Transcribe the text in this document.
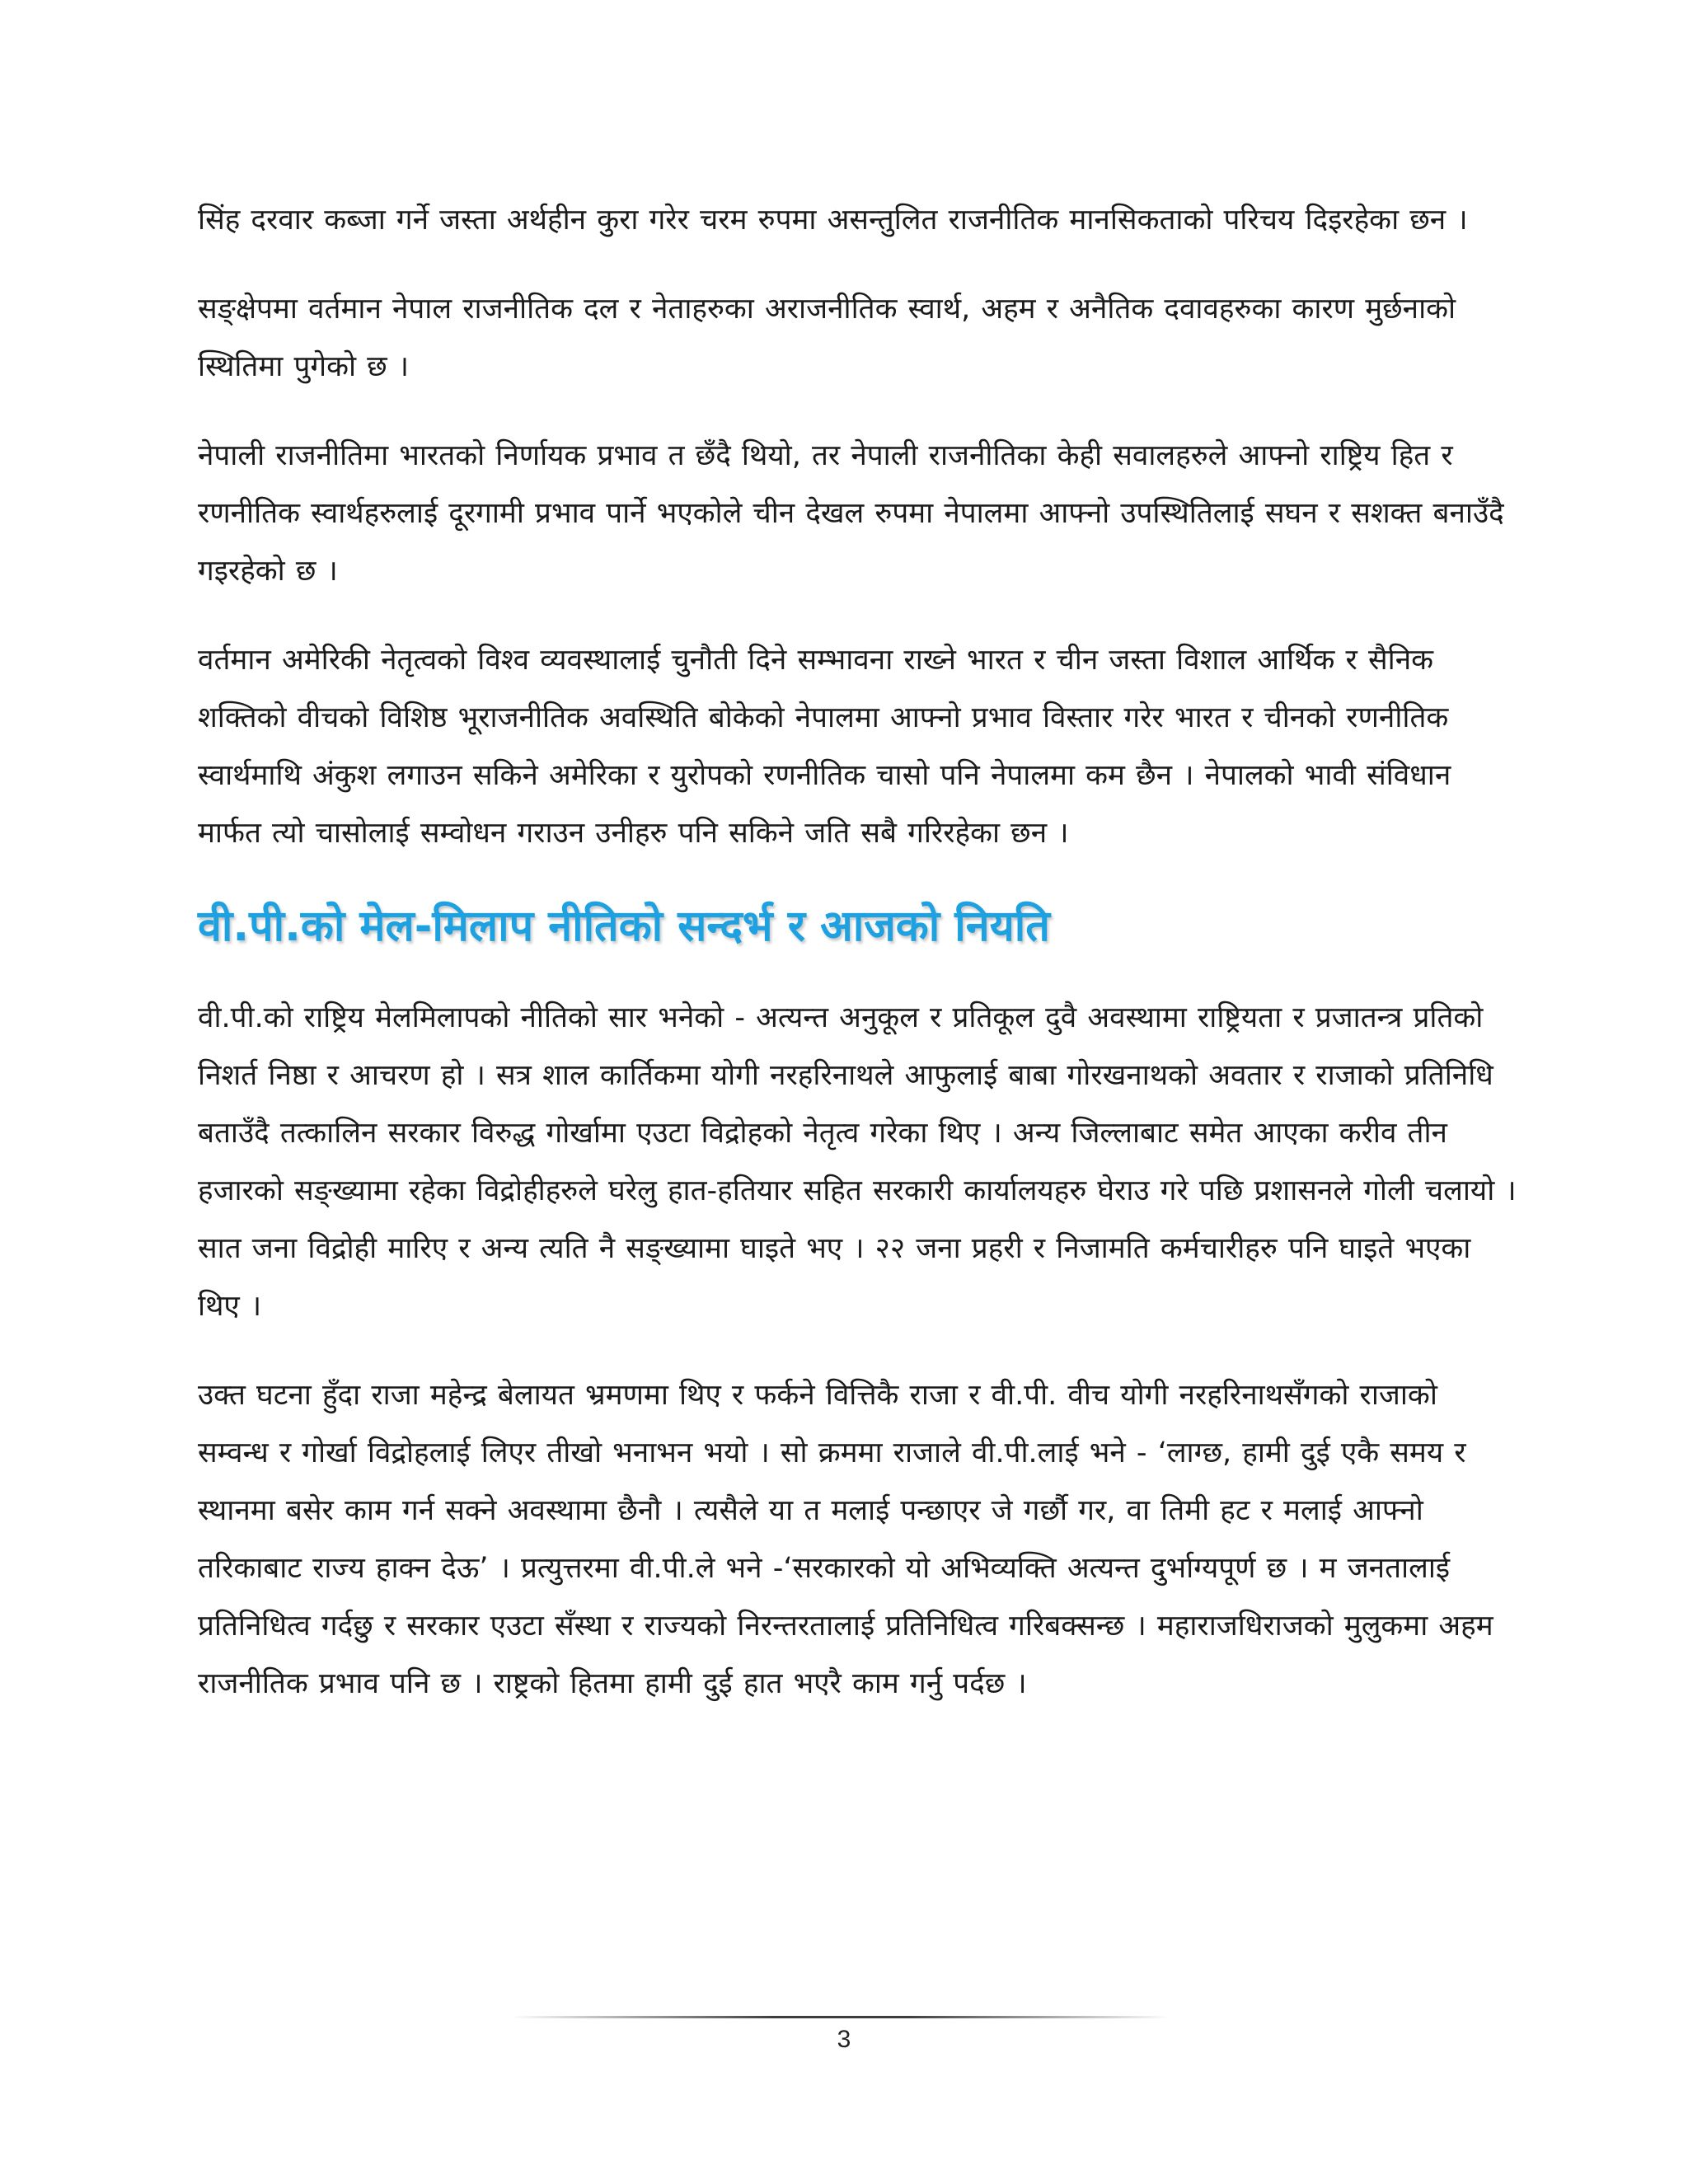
सिंह दरवार कब्जा गर्ने जस्ता अर्थहीन कुरा गरेर चरम रुपमा असन्तुलित राजनीतिक मानसिकताको परिचय दिइरहेका छन ।

सङ्क्षेपमा वर्तमान नेपाल राजनीतिक दल र नेताहरुका अराजनीतिक स्वार्थ, अहम र अनैतिक दवावहरुका कारण मुर्छनाको स्थितिमा पुगेको छ ।

नेपाली राजनीतिमा भारतको निर्णायक प्रभाव त छँदै थियो, तर नेपाली राजनीतिका केही सवालहरुले आफ्नो राष्ट्रिय हित र रणनीतिक स्वार्थहरुलाई दूरगामी प्रभाव पार्ने भएकोले चीन देखल रुपमा नेपालमा आफ्नो उपस्थितिलाई सघन र सशक्त बनाउँदै गइरहेको छ ।

वर्तमान अमेरिकी नेतृत्वको विश्व व्यवस्थालाई चुनौती दिने सम्भावना राख्ने भारत र चीन जस्ता विशाल आर्थिक र सैनिक शक्तिको वीचको विशिष्ठ भूराजनीतिक अवस्थिति बोकेको नेपालमा आफ्नो प्रभाव विस्तार गरेर भारत र चीनको रणनीतिक स्वार्थमाथि अंकुश लगाउन सकिने अमेरिका र युरोपको रणनीतिक चासो पनि नेपालमा कम छैन । नेपालको भावी संविधान मार्फत त्यो चासोलाई सम्वोधन गराउन उनीहरु पनि सकिने जति सबै गरिरहेका छन ।

वी.पी.को मेल-मिलाप नीतिको सन्दर्भ र आजको नियति

वी.पी.को राष्ट्रिय मेलमिलापको नीतिको सार भनेको - अत्यन्त अनुकूल र प्रतिकूल दुवै अवस्थामा राष्ट्रियता र प्रजातन्त्र प्रतिको निशर्त निष्ठा र आचरण हो । सत्र शाल कार्तिकमा योगी नरहरिनाथले आफुलाई बाबा गोरखनाथको अवतार र राजाको प्रतिनिधि बताउँदै तत्कालिन सरकार विरुद्ध गोर्खामा एउटा विद्रोहको नेतृत्व गरेका थिए । अन्य जिल्लाबाट समेत आएका करीव तीन हजारको सङ्ख्यामा रहेका विद्रोहीहरुले घरेलु हात-हतियार सहित सरकारी कार्यालयहरु घेराउ गरे पछि प्रशासनले गोली चलायो । सात जना विद्रोही मारिए र अन्य त्यति नै सङ्ख्यामा घाइते भए । २२ जना प्रहरी र निजामति कर्मचारीहरु पनि घाइते भएका थिए ।

उक्त घटना हुँदा राजा महेन्द्र बेलायत भ्रमणमा थिए र फर्कने वित्तिकै राजा र वी.पी. वीच योगी नरहरिनाथसँगको राजाको सम्वन्ध र गोर्खा विद्रोहलाई लिएर तीखो भनाभन भयो । सो क्रममा राजाले वी.पी.लाई भने - ‘लाग्छ, हामी दुई एकै समय र स्थानमा बसेर काम गर्न सक्ने अवस्थामा छैनौ । त्यसैले या त मलाई पन्छाएर जे गर्छौ गर, वा तिमी हट र मलाई आफ्नो तरिकाबाट राज्य हाक्न देऊ’ । प्रत्युत्तरमा वी.पी.ले भने -‘सरकारको यो अभिव्यक्ति अत्यन्त दुर्भाग्यपूर्ण छ । म जनतालाई प्रतिनिधित्व गर्दछु र सरकार एउटा सँस्था र राज्यको निरन्तरतालाई प्रतिनिधित्व गरिबक्सन्छ । महाराजधिराजको मुलुकमा अहम राजनीतिक प्रभाव पनि छ । राष्ट्रको हितमा हामी दुई हात भएरै काम गर्नु पर्दछ ।

3
